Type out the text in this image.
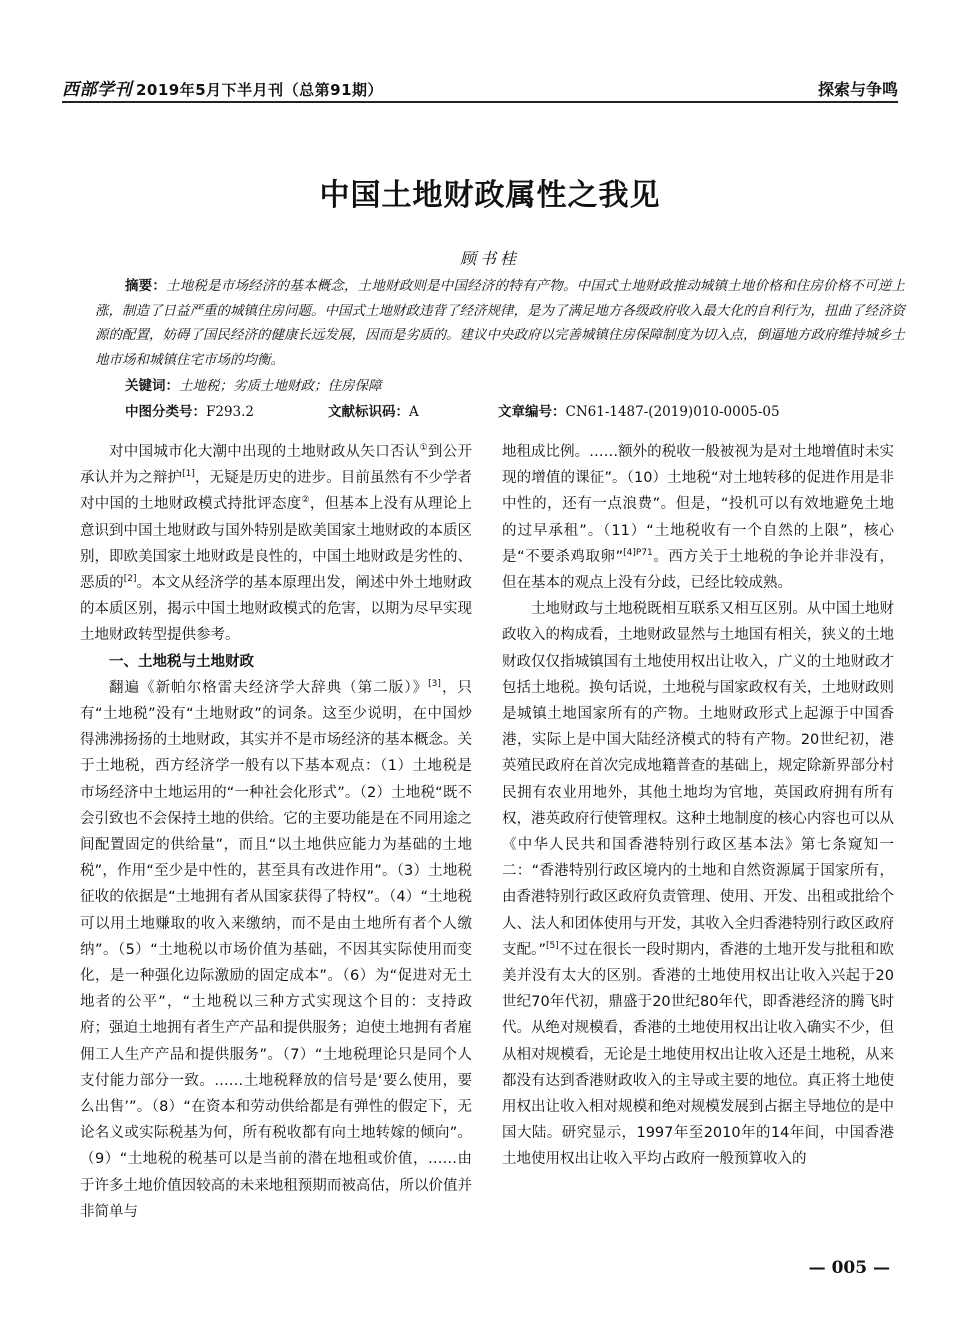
西部学刊 2019年5月下半月刊（总第91期）	探索与争鸣
中国土地财政属性之我见
顾书桂
摘要：土地税是市场经济的基本概念，土地财政则是中国经济的特有产物。中国式土地财政推动城镇土地价格和住房价格不可逆上涨，制造了日益严重的城镇住房问题。中国式土地财政违背了经济规律，是为了满足地方各级政府收入最大化的自利行为，扭曲了经济资源的配置，妨碍了国民经济的健康长远发展，因而是劣质的。建议中央政府以完善城镇住房保障制度为切入点，倒逼地方政府维持城乡土地市场和城镇住宅市场的均衡。
关键词：土地税；劣质土地财政；住房保障
中图分类号：F293.2	文献标识码：A	文章编号：CN61-1487-(2019)010-0005-05

对中国城市化大潮中出现的土地财政从矢口否认①到公开承认并为之辩护[1]，无疑是历史的进步。目前虽然有不少学者对中国的土地财政模式持批评态度②，但基本上没有从理论上意识到中国土地财政与国外特别是欧美国家土地财政的本质区别，即欧美国家土地财政是良性的，中国土地财政是劣性的、恶质的[2]。本文从经济学的基本原理出发，阐述中外土地财政的本质区别，揭示中国土地财政模式的危害，以期为尽早实现土地财政转型提供参考。

一、土地税与土地财政

翻遍《新帕尔格雷夫经济学大辞典（第二版）》[3]，只有“土地税”没有“土地财政”的词条。这至少说明，在中国炒得沸沸扬扬的土地财政，其实并不是市场经济的基本概念。关于土地税，西方经济学一般有以下基本观点：（1）土地税是市场经济中土地运用的“一种社会化形式”。（2）土地税“既不会引致也不会保持土地的供给。它的主要功能是在不同用途之间配置固定的供给量”，而且“以土地供应能力为基础的土地税”，作用“至少是中性的，甚至具有改进作用”。（3）土地税征收的依据是“土地拥有者从国家获得了特权”。（4）“土地税可以用土地赚取的收入来缴纳，而不是由土地所有者个人缴纳”。（5）“土地税以市场价值为基础，不因其实际使用而变化，是一种强化边际激励的固定成本”。（6）为“促进对无土地者的公平”，“土地税以三种方式实现这个目的：支持政府；强迫土地拥有者生产产品和提供服务；迫使土地拥有者雇佣工人生产产品和提供服务”。（7）“土地税理论只是同个人支付能力部分一致。……土地税释放的信号是‘要么使用，要么出售’”。（8）“在资本和劳动供给都是有弹性的假定下，无论名义或实际税基为何，所有税收都有向土地转嫁的倾向”。（9）“土地税的税基可以是当前的潜在地租或价值，……由于许多土地价值因较高的未来地租预期而被高估，所以价值并非简单与

地租成比例。……额外的税收一般被视为是对土地增值时未实现的增值的课征”。（10）土地税“对土地转移的促进作用是非中性的，还有一点浪费”。但是，“投机可以有效地避免土地的过早承租”。（11）“土地税收有一个自然的上限”，核心是“不要杀鸡取卵”$^{[4]P71}$。西方关于土地税的争论并非没有，但在基本的观点上没有分歧，已经比较成熟。

土地财政与土地税既相互联系又相互区别。从中国土地财政收入的构成看，土地财政显然与土地国有相关，狭义的土地财政仅仅指城镇国有土地使用权出让收入，广义的土地财政才包括土地税。换句话说，土地税与国家政权有关，土地财政则是城镇土地国家所有的产物。土地财政形式上起源于中国香港，实际上是中国大陆经济模式的特有产物。20世纪初，港英殖民政府在首次完成地籍普查的基础上，规定除新界部分村民拥有农业用地外，其他土地均为官地，英国政府拥有所有权，港英政府行使管理权。这种土地制度的核心内容也可以从《中华人民共和国香港特别行政区基本法》第七条窥知一二：“香港特别行政区境内的土地和自然资源属于国家所有，由香港特别行政区政府负责管理、使用、开发、出租或批给个人、法人和团体使用与开发，其收入全归香港特别行政区政府支配。”[5]不过在很长一段时期内，香港的土地开发与批租和欧美并没有太大的区别。香港的土地使用权出让收入兴起于20世纪70年代初，鼎盛于20世纪80年代，即香港经济的腾飞时代。从绝对规模看，香港的土地使用权出让收入确实不少，但从相对规模看，无论是土地使用权出让收入还是土地税，从来都没有达到香港财政收入的主导或主要的地位。真正将土地使用权出让收入相对规模和绝对规模发展到占据主导地位的是中国大陆。研究显示，1997年至2010年的14年间，中国香港土地使用权出让收入平均占政府一般预算收入的

— 005 —
